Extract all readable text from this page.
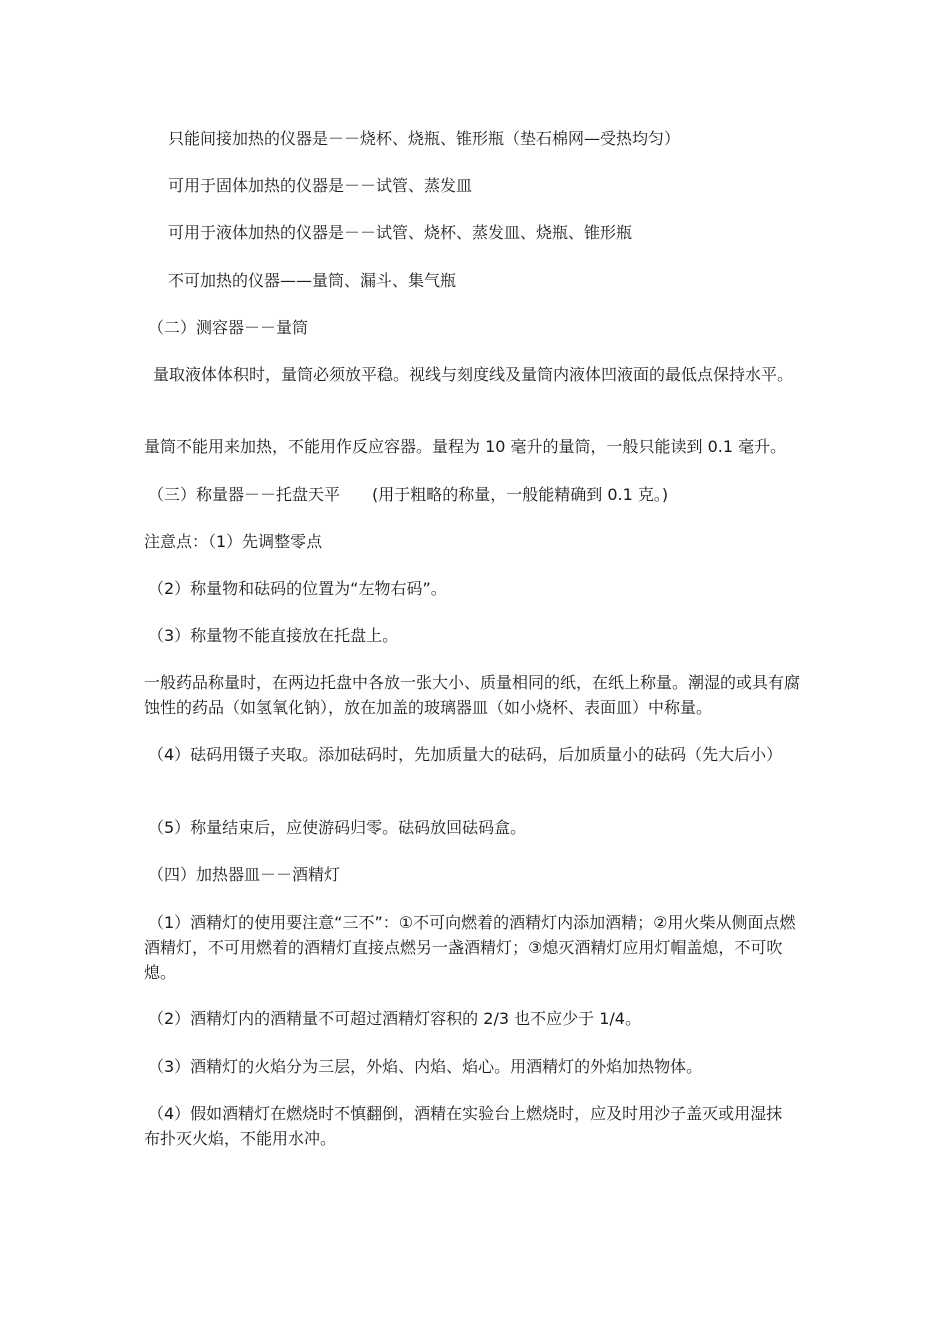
只能间接加热的仪器是－－烧杯、烧瓶、锥形瓶（垫石棉网—受热均匀）

可用于固体加热的仪器是－－试管、蒸发皿

可用于液体加热的仪器是－－试管、烧杯、蒸发皿、烧瓶、锥形瓶

不可加热的仪器——量筒、漏斗、集气瓶

（二）测容器－－量筒

量取液体体积时，量筒必须放平稳。视线与刻度线及量筒内液体凹液面的最低点保持水平。

量筒不能用来加热，不能用作反应容器。量程为 10 毫升的量筒，一般只能读到 0.1 毫升。

（三）称量器－－托盘天平　　(用于粗略的称量，一般能精确到 0.1 克。)

注意点：（1）先调整零点

（2）称量物和砝码的位置为“左物右码”。

（3）称量物不能直接放在托盘上。

一般药品称量时，在两边托盘中各放一张大小、质量相同的纸，在纸上称量。潮湿的或具有腐蚀性的药品（如氢氧化钠），放在加盖的玻璃器皿（如小烧杯、表面皿）中称量。

（4）砝码用镊子夹取。添加砝码时，先加质量大的砝码，后加质量小的砝码（先大后小）

（5）称量结束后，应使游码归零。砝码放回砝码盒。

（四）加热器皿－－酒精灯

（1）酒精灯的使用要注意“三不”：①不可向燃着的酒精灯内添加酒精；②用火柴从侧面点燃酒精灯，不可用燃着的酒精灯直接点燃另一盏酒精灯；③熄灭酒精灯应用灯帽盖熄，不可吹熄。

（2）酒精灯内的酒精量不可超过酒精灯容积的 2/3 也不应少于 1/4。

（3）酒精灯的火焰分为三层，外焰、内焰、焰心。用酒精灯的外焰加热物体。

（4）假如酒精灯在燃烧时不慎翻倒，酒精在实验台上燃烧时，应及时用沙子盖灭或用湿抹布扑灭火焰，不能用水冲。
